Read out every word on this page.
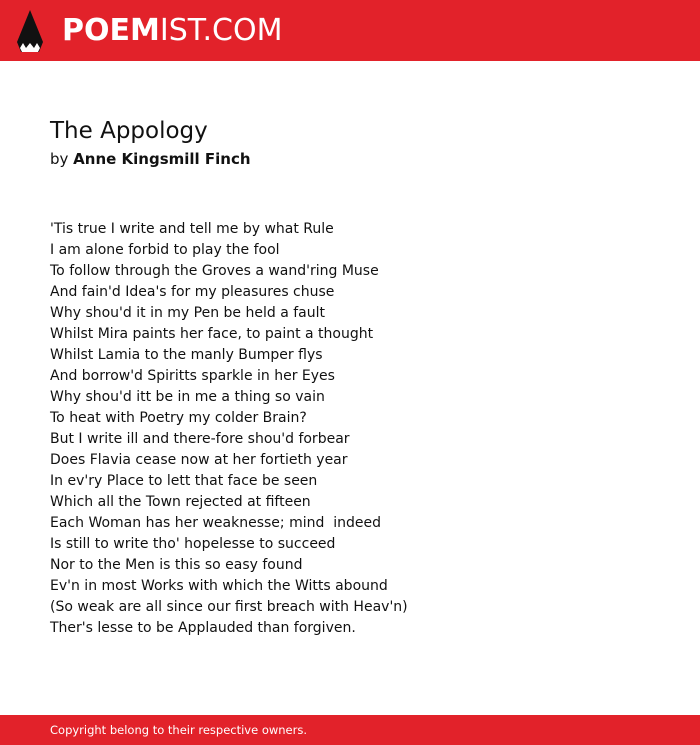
POEMIST.COM
The Appology
by Anne Kingsmill Finch
'Tis true I write and tell me by what Rule
I am alone forbid to play the fool
To follow through the Groves a wand'ring Muse
And fain'd Idea's for my pleasures chuse
Why shou'd it in my Pen be held a fault
Whilst Mira paints her face, to paint a thought
Whilst Lamia to the manly Bumper flys
And borrow'd Spiritts sparkle in her Eyes
Why shou'd itt be in me a thing so vain
To heat with Poetry my colder Brain?
But I write ill and there-fore shou'd forbear
Does Flavia cease now at her fortieth year
In ev'ry Place to lett that face be seen
Which all the Town rejected at fifteen
Each Woman has her weaknesse; mind  indeed
Is still to write tho' hopelesse to succeed
Nor to the Men is this so easy found
Ev'n in most Works with which the Witts abound
(So weak are all since our first breach with Heav'n)
Ther's lesse to be Applauded than forgiven.
Copyright belong to their respective owners.
